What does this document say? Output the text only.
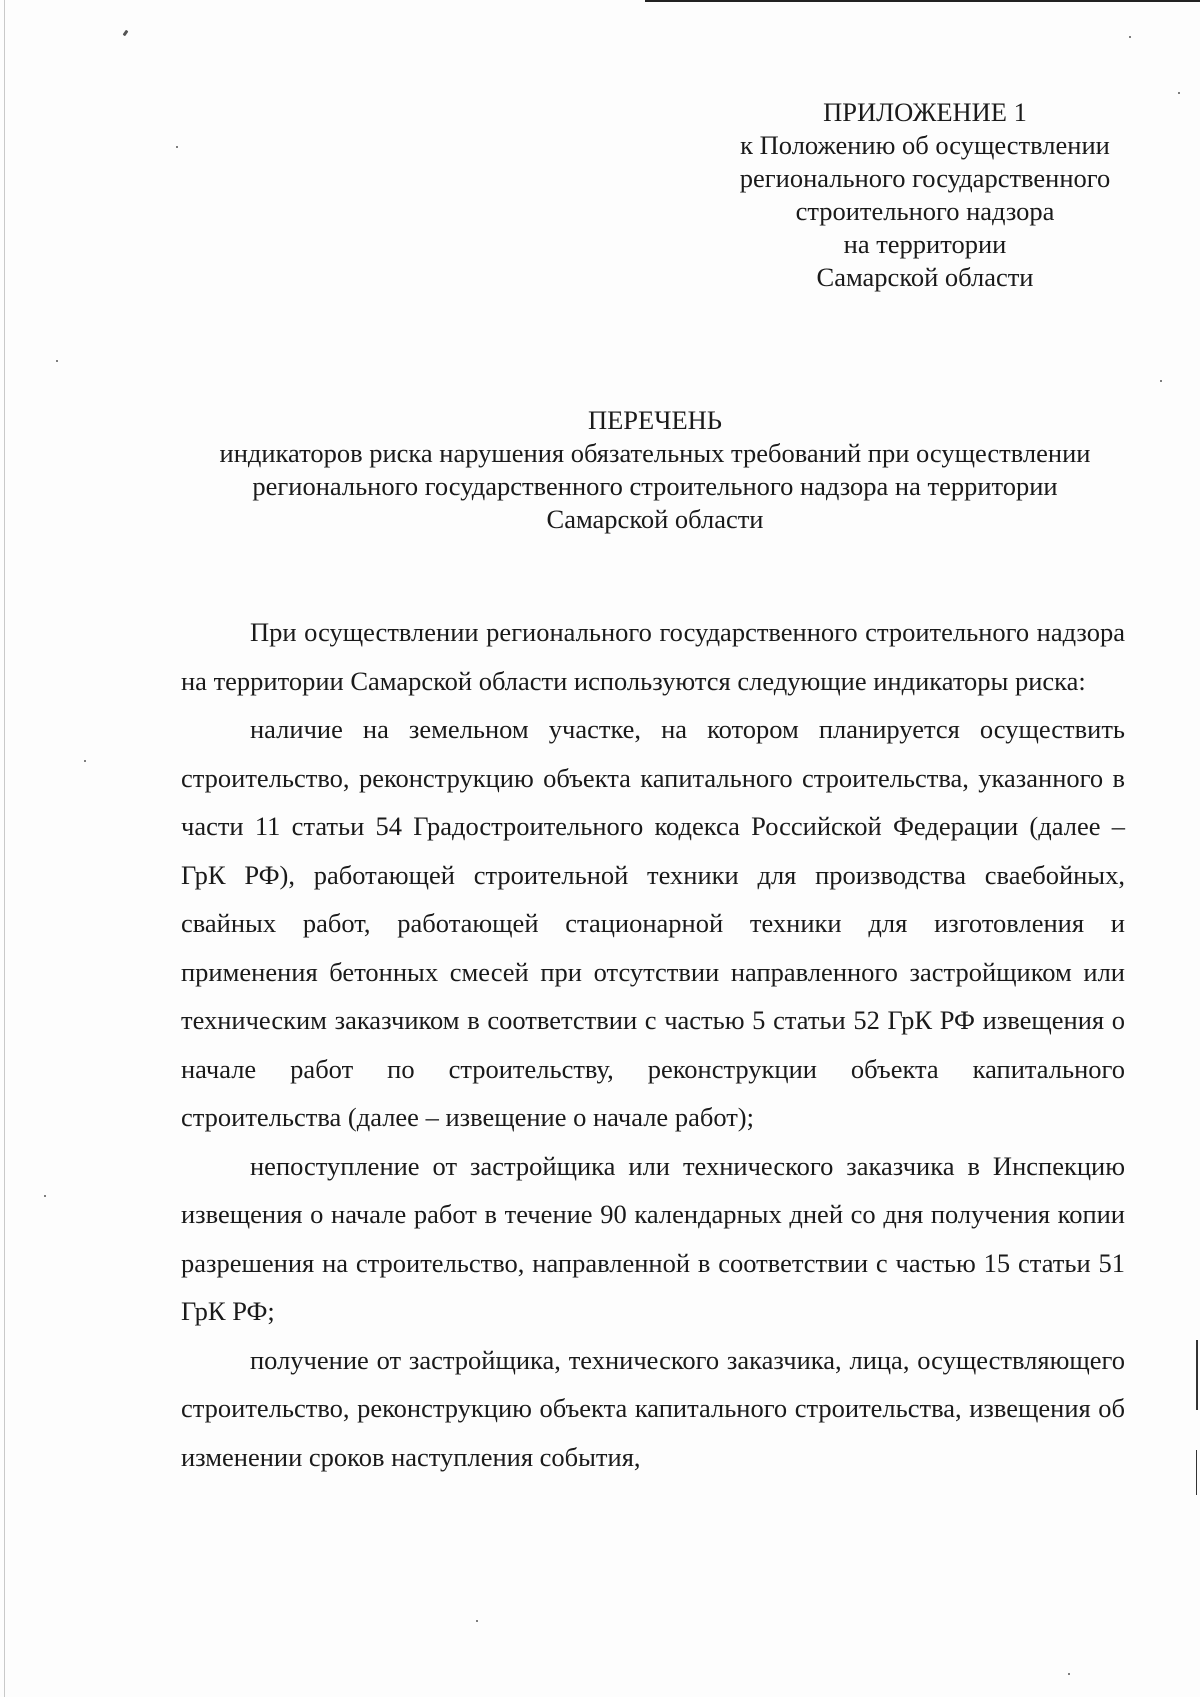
ПРИЛОЖЕНИЕ 1
к Положению об осуществлении
регионального государственного
строительного надзора
на территории
Самарской области
ПЕРЕЧЕНЬ
индикаторов риска нарушения обязательных требований при осуществлении
регионального государственного строительного надзора на территории
Самарской области

При осуществлении регионального государственного строительного надзора на территории Самарской области используются следующие индикаторы риска:

наличие на земельном участке, на котором планируется осуществить строительство, реконструкцию объекта капитального строительства, указанного в части 11 статьи 54 Градостроительного кодекса Российской Федерации (далее – ГрК РФ), работающей строительной техники для производства сваебойных, свайных работ, работающей стационарной техники для изготовления и применения бетонных смесей при отсутствии направленного застройщиком или техническим заказчиком в соответствии с частью 5 статьи 52 ГрК РФ извещения о начале работ по строительству, реконструкции объекта капитального строительства (далее – извещение о начале работ);

непоступление от застройщика или технического заказчика в Инспекцию извещения о начале работ в течение 90 календарных дней со дня получения копии разрешения на строительство, направленной в соответствии с частью 15 статьи 51 ГрК РФ;

получение от застройщика, технического заказчика, лица, осуществляющего строительство, реконструкцию объекта капитального строительства, извещения об изменении сроков наступления события,
